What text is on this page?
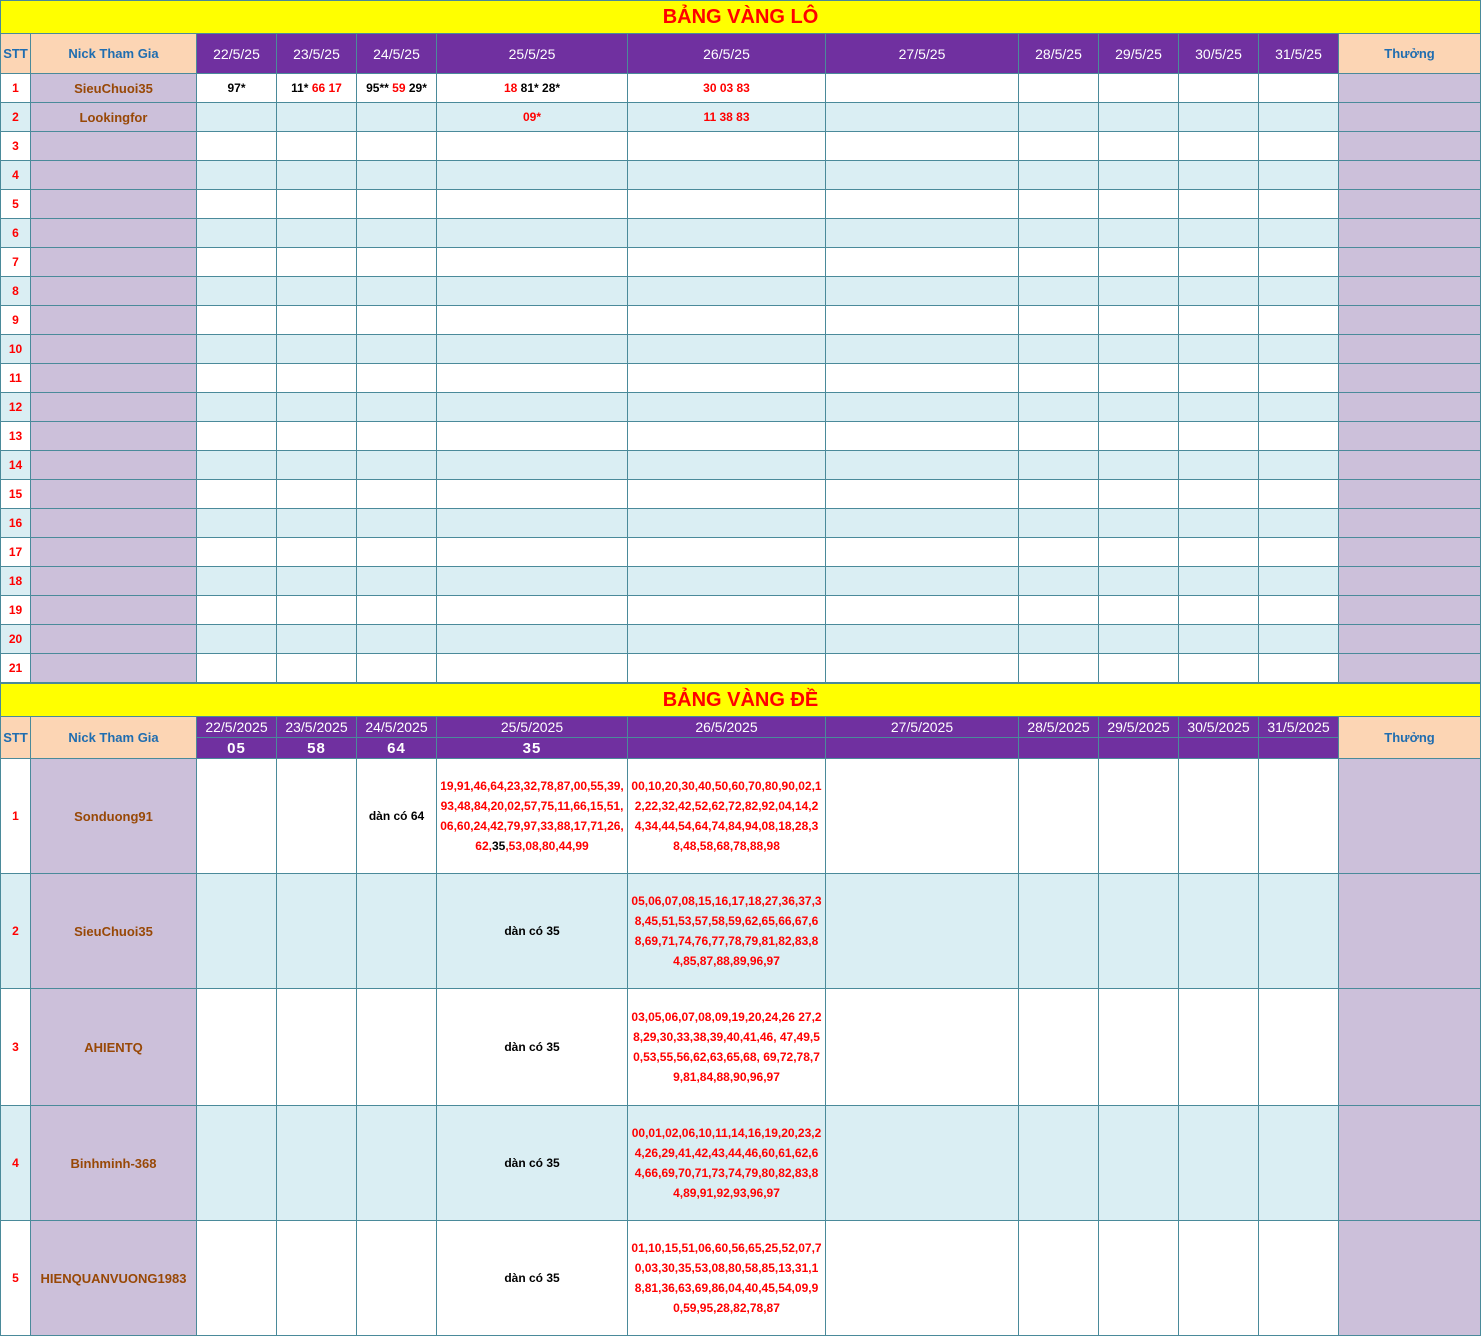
BẢNG VÀNG LÔ												
STT	Nick Tham Gia	22/5/25	23/5/25	24/5/25	25/5/25	26/5/25	27/5/25	28/5/25	29/5/25	30/5/25	31/5/25	Thưởng
1	SieuChuoi35	97*	11* 66 17	95** 59 29*	18 81* 28*	30 03 83						
2	Lookingfor				09*	11 38 83						
3												
4												
5												
6												
7												
8												
9												
10												
11												
12												
13												
14												
15												
16												
17												
18												
19												
20												
21												
BẢNG VÀNG ĐỀ												
STT	Nick Tham Gia	22/5/2025	23/5/2025	24/5/2025	25/5/2025	26/5/2025	27/5/2025	28/5/2025	29/5/2025	30/5/2025	31/5/2025	Thưởng
		05	58	64	35							
1	Sonduong91			dàn có 64	19,91,46,64,23,32,78,87,00,55,39,93,48,84,20,02,57,75,11,66,15,51,06,60,24,42,79,97,33,88,17,71,26,62,35,53,08,80,44,99	00,10,20,30,40,50,60,70,80,90,02,12,22,32,42,52,62,72,82,92,04,14,24,34,44,54,64,74,84,94,08,18,28,38,48,58,68,78,88,98						
2	SieuChuoi35				dàn có 35	05,06,07,08,15,16,17,18,27,36,37,38,45,51,53,57,58,59,62,65,66,67,68,69,71,74,76,77,78,79,81,82,83,84,85,87,88,89,96,97						
3	AHIENTQ				dàn có 35	03,05,06,07,08,09,19,20,24,26 27,28,29,30,33,38,39,40,41,46, 47,49,50,53,55,56,62,63,65,68, 69,72,78,79,81,84,88,90,96,97						
4	Binhminh-368				dàn có 35	00,01,02,06,10,11,14,16,19,20,23,24,26,29,41,42,43,44,46,60,61,62,64,66,69,70,71,73,74,79,80,82,83,84,89,91,92,93,96,97						
5	HIENQUANVUONG1983				dàn có 35	01,10,15,51,06,60,56,65,25,52,07,70,03,30,35,53,08,80,58,85,13,31,18,81,36,63,69,86,04,40,45,54,09,90,59,95,28,82,78,87						
